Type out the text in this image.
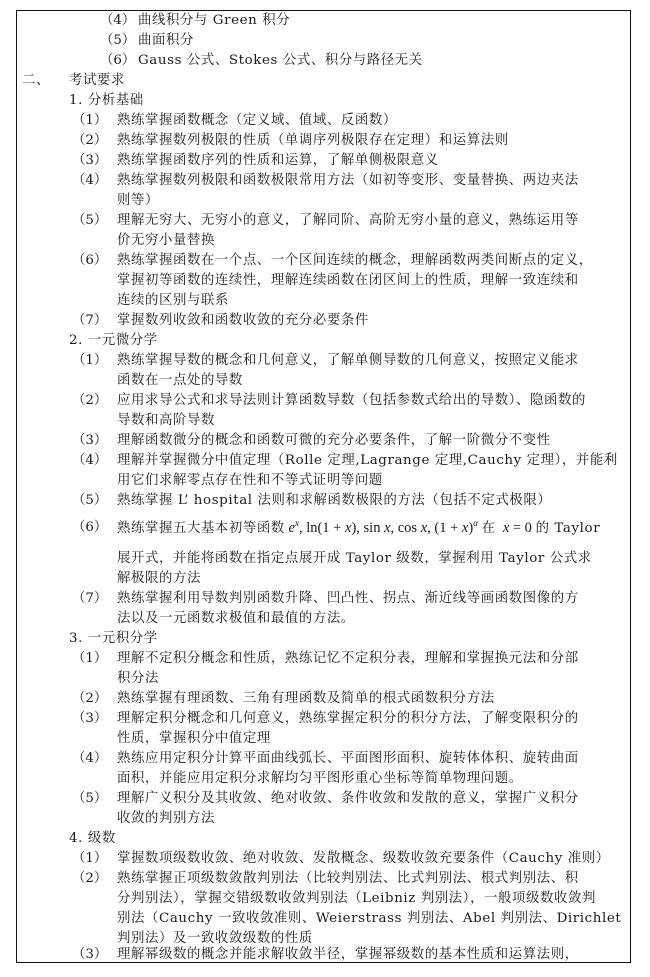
（4） 曲线积分与 Green 积分
（5） 曲面积分
（6） Gauss 公式、Stokes 公式、积分与路径无关
二、 考试要求
1. 分析基础
（1） 熟练掌握函数概念（定义域、值域、反函数）
（2） 熟练掌握数列极限的性质（单调序列极限存在定理）和运算法则
（3） 熟练掌握函数序列的性质和运算，了解单侧极限意义
（4） 熟练掌握数列极限和函数极限常用方法（如初等变形、变量替换、两边夹法
则等）
（5） 理解无穷大、无穷小的意义，了解同阶、高阶无穷小量的意义，熟练运用等
价无穷小量替换
（6） 熟练掌握函数在一个点、一个区间连续的概念，理解函数两类间断点的定义，
掌握初等函数的连续性，理解连续函数在闭区间上的性质，理解一致连续和
连续的区别与联系
（7） 掌握数列收敛和函数收敛的充分必要条件
2. 一元微分学
（1） 熟练掌握导数的概念和几何意义，了解单侧导数的几何意义，按照定义能求
函数在一点处的导数
（2） 应用求导公式和求导法则计算函数导数（包括参数式给出的导数）、隐函数的
导数和高阶导数
（3） 理解函数微分的概念和函数可微的充分必要条件，了解一阶微分不变性
（4） 理解并掌握微分中值定理（Rolle 定理,Lagrange 定理,Cauchy 定理），并能利
用它们求解零点存在性和不等式证明等问题
（5） 熟练掌握 L’ hospital 法则和求解函数极限的方法（包括不定式极限）
（6） 熟练掌握五大基本初等函数 $e^x$, ln(1 + x), sin x, cos x, $(1 + x)^\alpha$ 在 x = 0 的 Taylor
展开式，并能将函数在指定点展开成 Taylor 级数，掌握利用 Taylor 公式求
解极限的方法
（7） 熟练掌握利用导数判别函数升降、凹凸性、拐点、渐近线等画函数图像的方
法以及一元函数求极值和最值的方法。
3. 一元积分学
（1） 理解不定积分概念和性质，熟练记忆不定积分表，理解和掌握换元法和分部
积分法
（2） 熟练掌握有理函数、三角有理函数及简单的根式函数积分方法
（3） 理解定积分概念和几何意义，熟练掌握定积分的积分方法，了解变限积分的
性质，掌握积分中值定理
（4） 熟练应用定积分计算平面曲线弧长、平面图形面积、旋转体体积、旋转曲面
面积，并能应用定积分求解均匀平图形重心坐标等简单物理问题。
（5） 理解广义积分及其收敛、绝对收敛、条件收敛和发散的意义，掌握广义积分
收敛的判别方法
4. 级数
（1） 掌握数项级数收敛、绝对收敛、发散概念、级数收敛充要条件（Cauchy 准则）
（2） 熟练掌握正项级数敛散判别法（比较判别法、比式判别法、根式判别法、积
分判别法），掌握交错级数收敛判别法（Leibniz 判别法），一般项级数收敛判
别法（Cauchy 一致收敛准则、Weierstrass 判别法、Abel 判别法、Dirichlet
判别法）及一致收敛级数的性质
（3） 理解幂级数的概念并能求解收敛半径，掌握幂级数的基本性质和运算法则，
